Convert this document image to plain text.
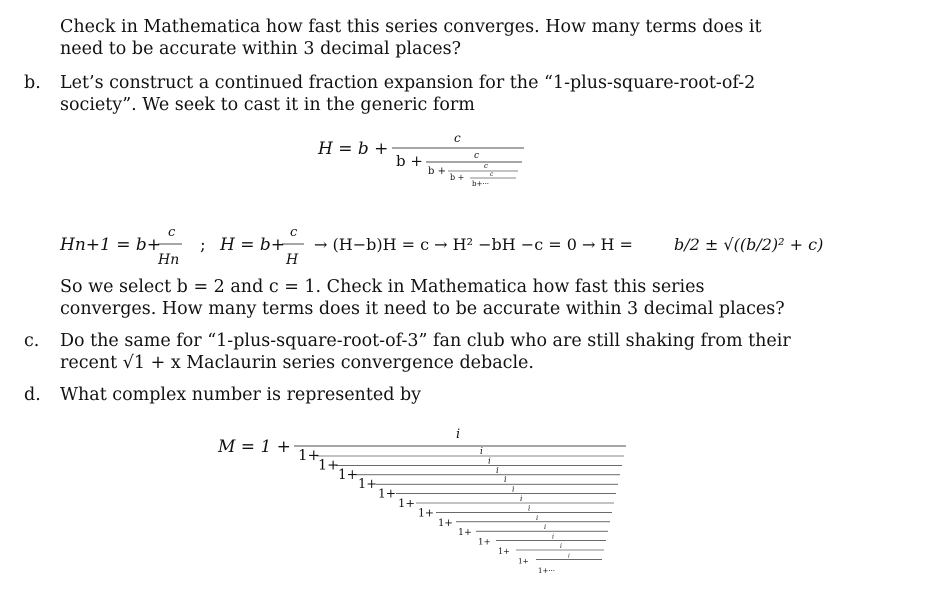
Check in Mathematica how fast this series converges. How many terms does it need to be accurate within 3 decimal places?

b. Let’s construct a continued fraction expansion for the “1-plus-square-root-of-2 society”. We seek to cast it in the generic form

H = b +
c
b +	c
b +	c
b +	c
b+···
Hn+1 = b+
c
Hn
; H = b+
c
H
→ (H−b)H = c → H² −bH −c = 0 → H =	b/2 ± √((b/2)² + c)

So we select b = 2 and c = 1. Check in Mathematica how fast this series converges. How many terms does it need to be accurate within 3 decimal places?

c. Do the same for “1-plus-square-root-of-3” fan club who are still shaking from their recent √1 + x Maclaurin series convergence debacle.

d. What complex number is represented by

M = 1 +
i
1+	i
1+	i
1+	i
1+	i
1+	i
1+	i
1+	i
1+	i
1+	i
1+
i
1+
i
1+	i
1+···
